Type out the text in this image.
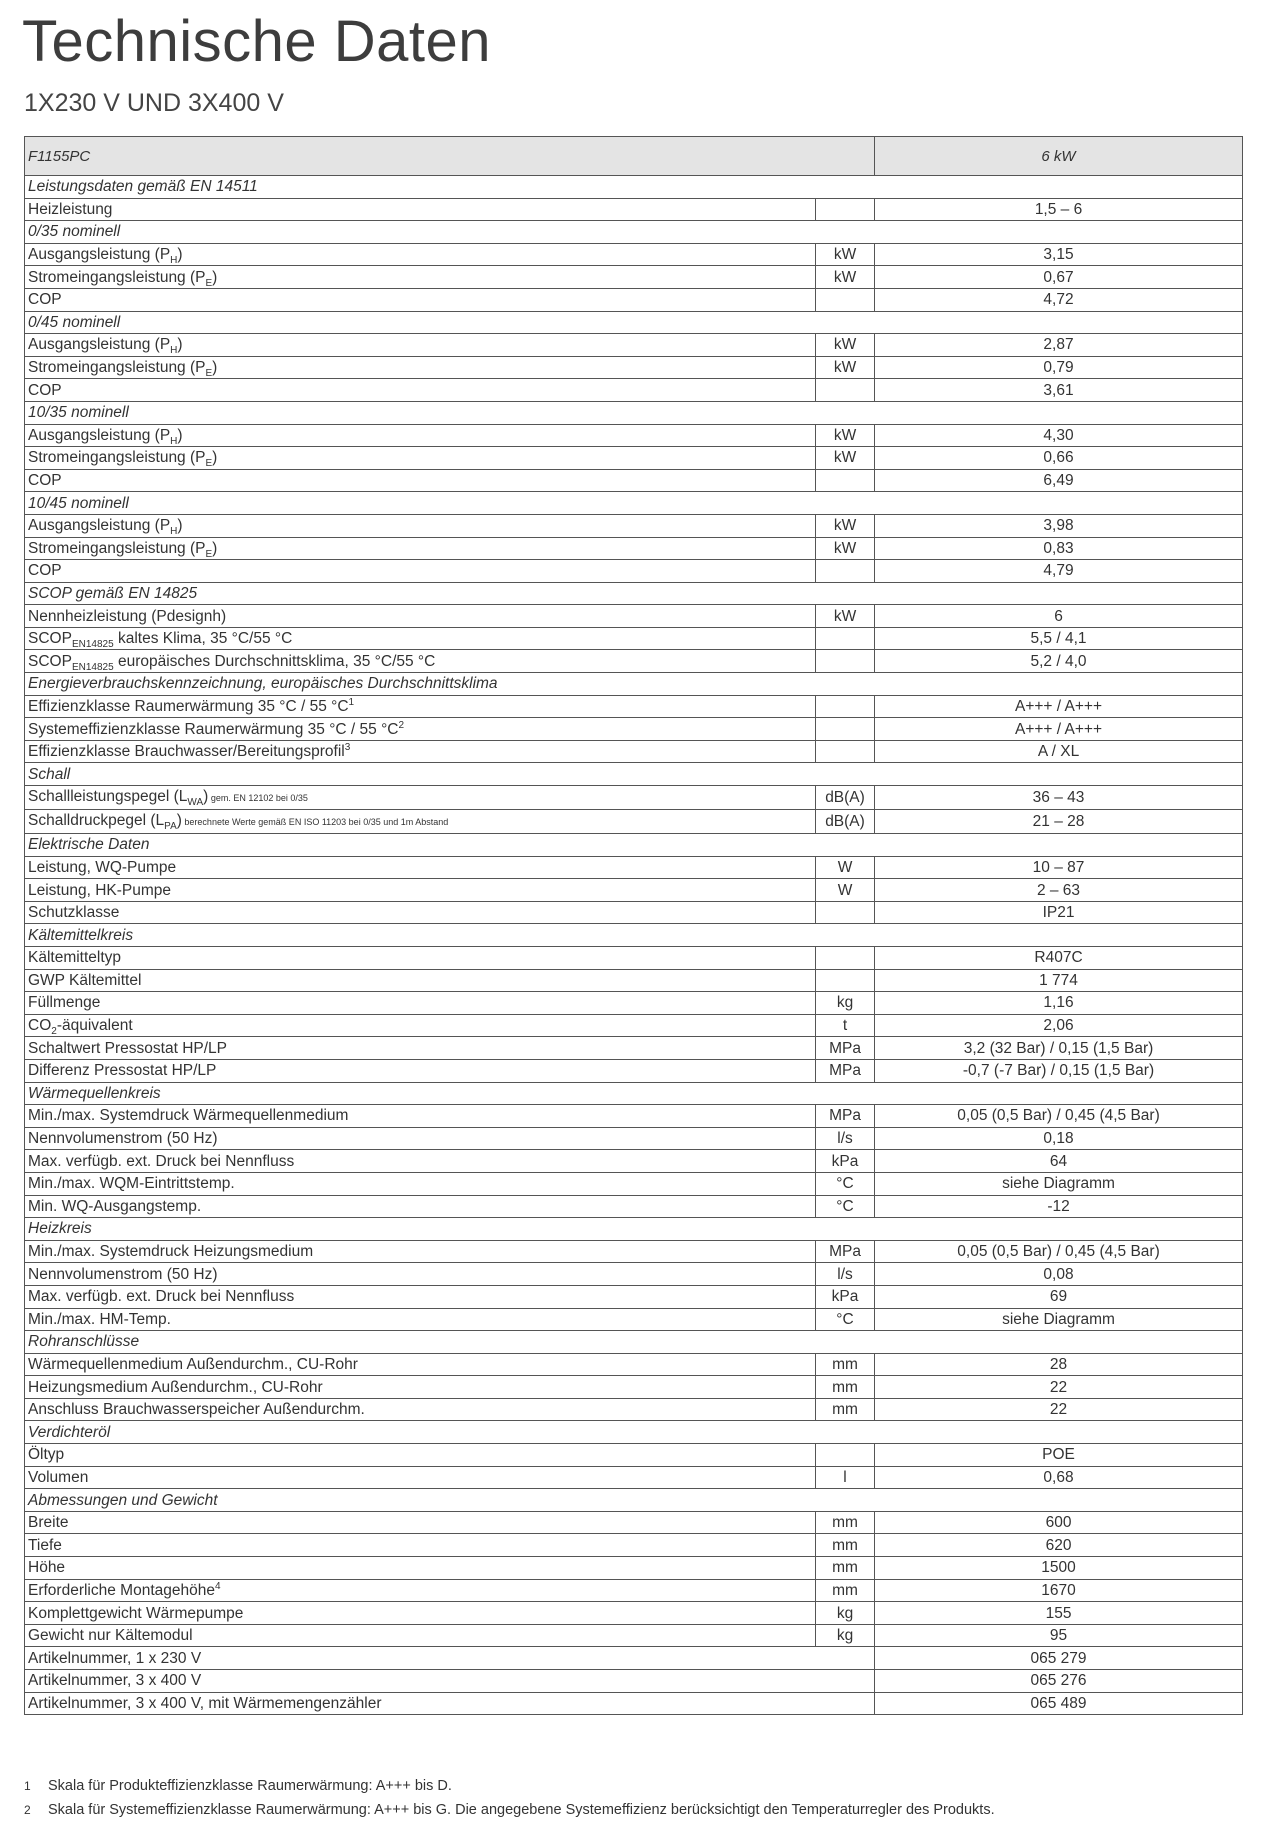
Technische Daten
1X230 V UND 3X400 V
F1155PC		6 kW
Leistungsdaten gemäß EN 14511		
Heizleistung		1,5 – 6
0/35 nominell		
Ausgangsleistung $(P_H)$	kW	3,15
Stromeingangsleistung $(P_E)$	kW	0,67
COP		4,72
0/45 nominell		
Ausgangsleistung $(P_H)$	kW	2,87
Stromeingangsleistung $(P_E)$	kW	0,79
COP		3,61
10/35 nominell		
Ausgangsleistung $(P_H)$	kW	4,30
Stromeingangsleistung $(P_E)$	kW	0,66
COP		6,49
10/45 nominell		
Ausgangsleistung $(P_H)$	kW	3,98
Stromeingangsleistung $(P_E)$	kW	0,83
COP		4,79
SCOP gemäß EN 14825		
Nennheizleistung (Pdesignh)	kW	6
$SCOP_{EN14825}$ kaltes Klima, 35 °C/55 °C		5,5 / 4,1
$SCOP_{EN14825}$ europäisches Durchschnittsklima, 35 °C/55 °C		5,2 / 4,0
Energieverbrauchskennzeichnung, europäisches Durchschnittsklima		
Effizienzklasse Raumerwärmung 35 °C / 55 $^\circ C^1$		A+++ / A+++
Systemeffizienzklasse Raumerwärmung 35 °C / 55 $^\circ C^2$		A+++ / A+++
Effizienzklasse Brauchwasser/Bereitungsprofil$^3$		A / XL
Schall		
Schallleistungspegel $(L_{WA})$ gem. EN 12102 bei 0/35	dB(A)	36 – 43
Schalldruckpegel $(L_{PA})$ berechnete Werte gemäß EN ISO 11203 bei 0/35 und 1m Abstand	dB(A)	21 – 28
Elektrische Daten		
Leistung, WQ-Pumpe	W	10 – 87
Leistung, HK-Pumpe	W	2 – 63
Schutzklasse		IP21
Kältemittelkreis		
Kältemitteltyp		R407C
GWP Kältemittel		1 774
Füllmenge	kg	1,16
$CO_2$-äquivalent	t	2,06
Schaltwert Pressostat HP/LP	MPa	3,2 (32 Bar) / 0,15 (1,5 Bar)
Differenz Pressostat HP/LP	MPa	-0,7 (-7 Bar) / 0,15 (1,5 Bar)
Wärmequellenkreis		
Min./max. Systemdruck Wärmequellenmedium	MPa	0,05 (0,5 Bar) / 0,45 (4,5 Bar)
Nennvolumenstrom (50 Hz)	l/s	0,18
Max. verfügb. ext. Druck bei Nennfluss	kPa	64
Min./max. WQM-Eintrittstemp.	°C	siehe Diagramm
Min. WQ-Ausgangstemp.	°C	-12
Heizkreis		
Min./max. Systemdruck Heizungsmedium	MPa	0,05 (0,5 Bar) / 0,45 (4,5 Bar)
Nennvolumenstrom (50 Hz)	l/s	0,08
Max. verfügb. ext. Druck bei Nennfluss	kPa	69
Min./max. HM-Temp.	°C	siehe Diagramm
Rohranschlüsse		
Wärmequellenmedium Außendurchm., CU-Rohr	mm	28
Heizungsmedium Außendurchm., CU-Rohr	mm	22
Anschluss Brauchwasserspeicher Außendurchm.	mm	22
Verdichteröl		
Öltyp		POE
Volumen	l	0,68
Abmessungen und Gewicht		
Breite	mm	600
Tiefe	mm	620
Höhe	mm	1500
Erforderliche Montagehöhe$^4$	mm	1670
Komplettgewicht Wärmepumpe	kg	155
Gewicht nur Kältemodul	kg	95
Artikelnummer, 1 x 230 V		065 279
Artikelnummer, 3 x 400 V		065 276
Artikelnummer, 3 x 400 V, mit Wärmemengenzähler		065 489
1 Skala für Produkteffizienzklasse Raumerwärmung: A+++ bis D.
2 Skala für Systemeffizienzklasse Raumerwärmung: A+++ bis G. Die angegebene Systemeffizienz berücksichtigt den Temperaturregler des Produkts.
